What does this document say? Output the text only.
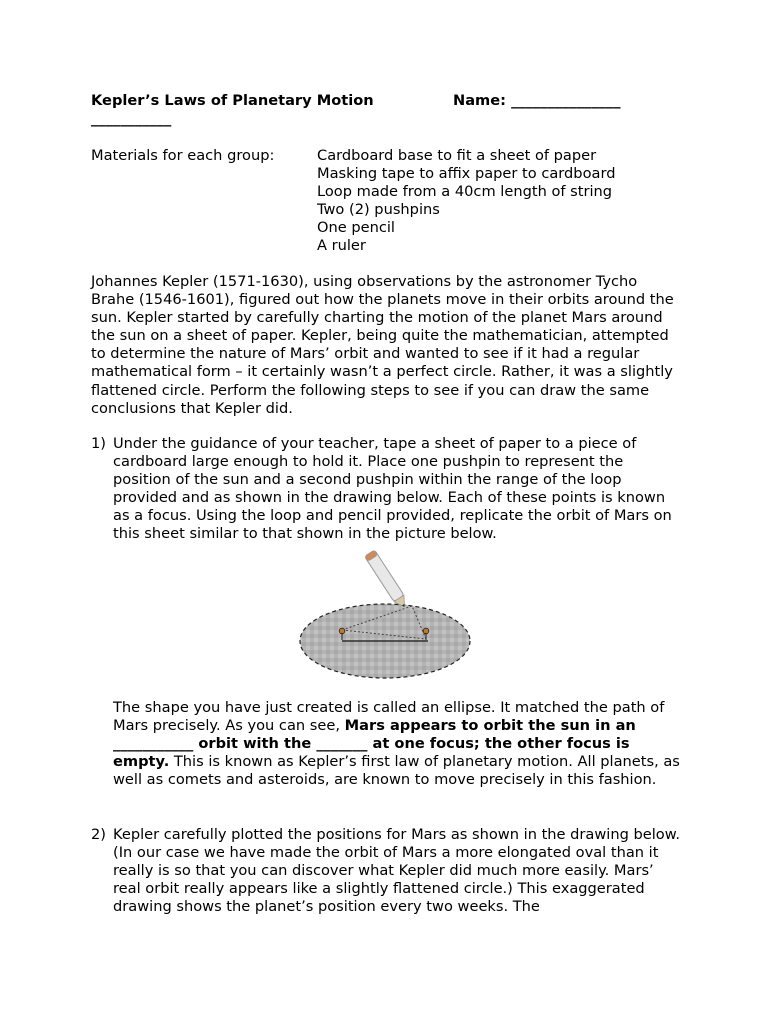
Kepler’s Laws of Planetary Motion	Name: _______________
___________
Materials for each group:	Cardboard base to fit a sheet of paper
Masking tape to affix paper to cardboard
Loop made from a 40cm length of string
Two (2) pushpins
One pencil
A ruler

Johannes Kepler (1571-1630), using observations by the astronomer Tycho Brahe (1546-1601), figured out how the planets move in their orbits around the sun. Kepler started by carefully charting the motion of the planet Mars around the sun on a sheet of paper. Kepler, being quite the mathematician, attempted to determine the nature of Mars’ orbit and wanted to see if it had a regular mathematical form – it certainly wasn’t a perfect circle. Rather, it was a slightly flattened circle. Perform the following steps to see if you can draw the same conclusions that Kepler did.

1) Under the guidance of your teacher, tape a sheet of paper to a piece of cardboard large enough to hold it. Place one pushpin to represent the position of the sun and a second pushpin within the range of the loop provided and as shown in the drawing below. Each of these points is known as a focus. Using the loop and pencil provided, replicate the orbit of Mars on this sheet similar to that shown in the picture below.

The shape you have just created is called an ellipse. It matched the path of Mars precisely. As you can see, Mars appears to orbit the sun in an ___________ orbit with the _______ at one focus; the other focus is empty. This is known as Kepler’s first law of planetary motion. All planets, as well as comets and asteroids, are known to move precisely in this fashion.

2) Kepler carefully plotted the positions for Mars as shown in the drawing below. (In our case we have made the orbit of Mars a more elongated oval than it really is so that you can discover what Kepler did much more easily. Mars’ real orbit really appears like a slightly flattened circle.) This exaggerated drawing shows the planet’s position every two weeks. The
